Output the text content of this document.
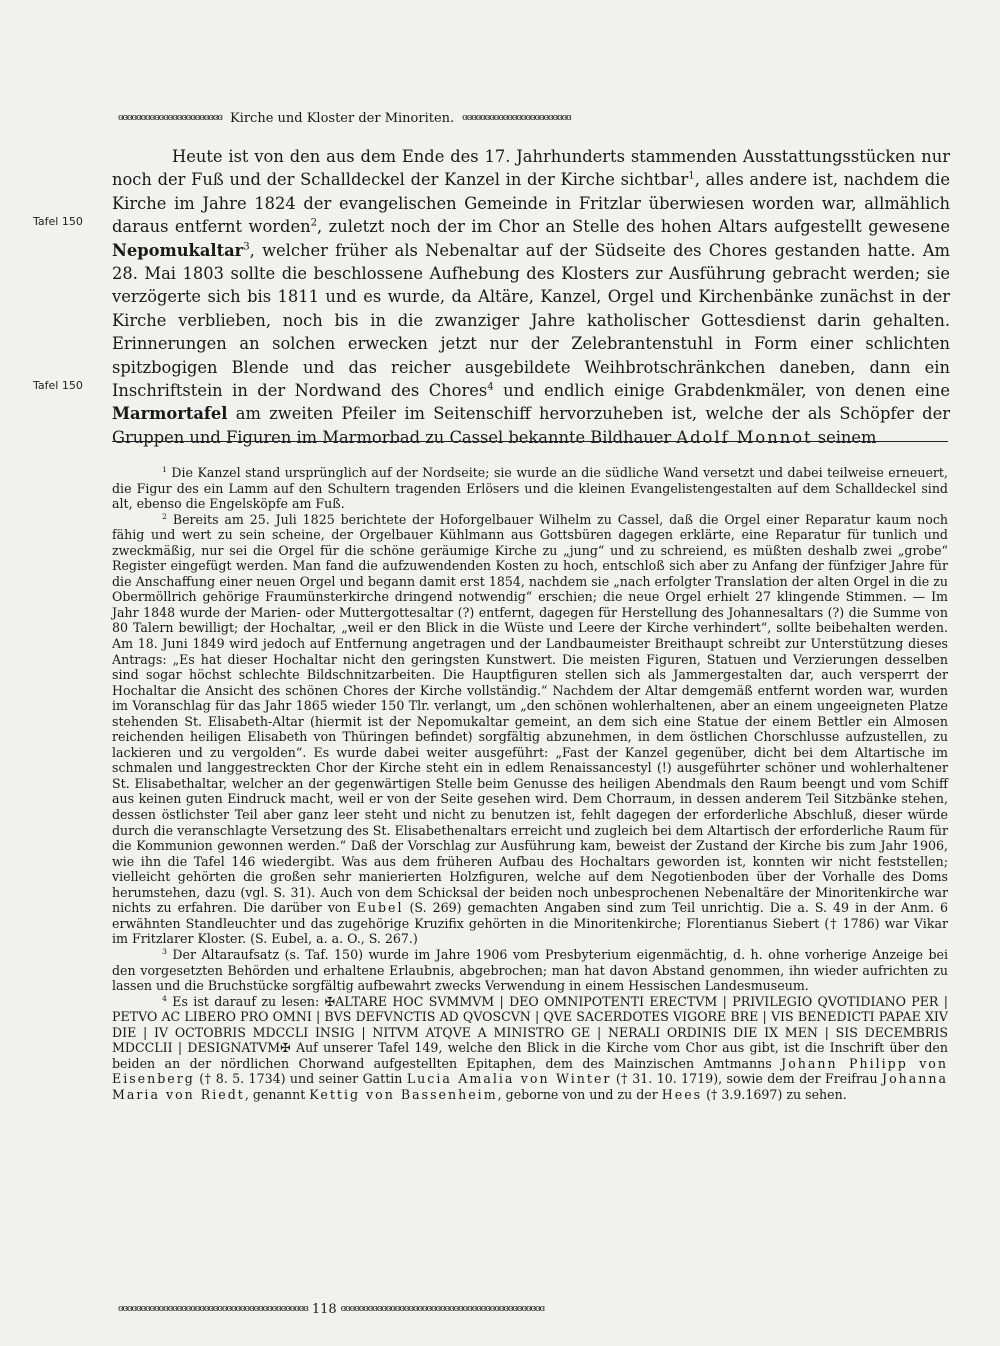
ɞɞɞɞɞɞɞɞɞɞɞɞɞɞɞɞɞɞɞɞɞɞɞ Kirche und Kloster der Minoriten. ɞɞɞɞɞɞɞɞɞɞɞɞɞɞɞɞɞɞɞɞɞɞɞɞ
Tafel 150
Tafel 150

Heute ist von den aus dem Ende des 17. Jahrhunderts stammenden Ausstattungsstücken nur noch der Fuß und der Schalldeckel der Kanzel in der Kirche sichtbar$^1$, alles andere ist, nachdem die Kirche im Jahre 1824 der evangelischen Gemeinde in Fritzlar überwiesen worden war, allmählich daraus entfernt worden$^2$, zuletzt noch der im Chor an Stelle des hohen Altars aufgestellt gewesene Nepomukaltar$^3$, welcher früher als Nebenaltar auf der Südseite des Chores gestanden hatte. Am 28. Mai 1803 sollte die beschlossene Aufhebung des Klosters zur Ausführung gebracht werden; sie verzögerte sich bis 1811 und es wurde, da Altäre, Kanzel, Orgel und Kirchenbänke zunächst in der Kirche verblieben, noch bis in die zwanziger Jahre katholischer Gottesdienst darin gehalten. Erinnerungen an solchen erwecken jetzt nur der Zelebrantenstuhl in Form einer schlichten spitzbogigen Blende und das reicher ausgebildete Weihbrotschränkchen daneben, dann ein Inschriftstein in der Nordwand des Chores$^4$ und endlich einige Grabdenkmäler, von denen eine Marmortafel am zweiten Pfeiler im Seitenschiff hervorzuheben ist, welche der als Schöpfer der Gruppen und Figuren im Marmorbad zu Cassel bekannte Bildhauer Adolf Monnot seinem

$^1$ Die Kanzel stand ursprünglich auf der Nordseite; sie wurde an die südliche Wand versetzt und dabei teilweise erneuert, die Figur des ein Lamm auf den Schultern tragenden Erlösers und die kleinen Evangelistengestalten auf dem Schalldeckel sind alt, ebenso die Engelsköpfe am Fuß.

$^2$ Bereits am 25. Juli 1825 berichtete der Hoforgelbauer Wilhelm zu Cassel, daß die Orgel einer Reparatur kaum noch fähig und wert zu sein scheine, der Orgelbauer Kühlmann aus Gottsbüren dagegen erklärte, eine Reparatur für tunlich und zweckmäßig, nur sei die Orgel für die schöne geräumige Kirche zu „jung“ und zu schreiend, es müßten deshalb zwei „grobe“ Register eingefügt werden. Man fand die aufzuwendenden Kosten zu hoch, entschloß sich aber zu Anfang der fünfziger Jahre für die Anschaffung einer neuen Orgel und begann damit erst 1854, nachdem sie „nach erfolgter Translation der alten Orgel in die zu Obermöllrich gehörige Fraumünsterkirche dringend notwendig“ erschien; die neue Orgel erhielt 27 klingende Stimmen. — Im Jahr 1848 wurde der Marien- oder Muttergottesaltar (?) entfernt, dagegen für Herstellung des Johannesaltars (?) die Summe von 80 Talern bewilligt; der Hochaltar, „weil er den Blick in die Wüste und Leere der Kirche verhindert“, sollte beibehalten werden. Am 18. Juni 1849 wird jedoch auf Entfernung angetragen und der Landbaumeister Breithaupt schreibt zur Unterstützung dieses Antrags: „Es hat dieser Hochaltar nicht den geringsten Kunstwert. Die meisten Figuren, Statuen und Verzierungen desselben sind sogar höchst schlechte Bildschnitzarbeiten. Die Hauptfiguren stellen sich als Jammergestalten dar, auch versperrt der Hochaltar die Ansicht des schönen Chores der Kirche vollständig.“ Nachdem der Altar demgemäß entfernt worden war, wurden im Voranschlag für das Jahr 1865 wieder 150 Tlr. verlangt, um „den schönen wohlerhaltenen, aber an einem ungeeigneten Platze stehenden St. Elisabeth-Altar (hiermit ist der Nepomukaltar gemeint, an dem sich eine Statue der einem Bettler ein Almosen reichenden heiligen Elisabeth von Thüringen befindet) sorgfältig abzunehmen, in dem östlichen Chorschlusse aufzustellen, zu lackieren und zu vergolden“. Es wurde dabei weiter ausgeführt: „Fast der Kanzel gegenüber, dicht bei dem Altartische im schmalen und langgestreckten Chor der Kirche steht ein in edlem Renaissancestyl (!) ausgeführter schöner und wohlerhaltener St. Elisabethaltar, welcher an der gegenwärtigen Stelle beim Genusse des heiligen Abendmals den Raum beengt und vom Schiff aus keinen guten Eindruck macht, weil er von der Seite gesehen wird. Dem Chorraum, in dessen anderem Teil Sitzbänke stehen, dessen östlichster Teil aber ganz leer steht und nicht zu benutzen ist, fehlt dagegen der erforderliche Abschluß, dieser würde durch die veranschlagte Versetzung des St. Elisabethenaltars erreicht und zugleich bei dem Altartisch der erforderliche Raum für die Kommunion gewonnen werden.“ Daß der Vorschlag zur Ausführung kam, beweist der Zustand der Kirche bis zum Jahr 1906, wie ihn die Tafel 146 wiedergibt. Was aus dem früheren Aufbau des Hochaltars geworden ist, konnten wir nicht feststellen; vielleicht gehörten die großen sehr manierierten Holzfiguren, welche auf dem Negotienboden über der Vorhalle des Doms herumstehen, dazu (vgl. S. 31). Auch von dem Schicksal der beiden noch unbesprochenen Nebenaltäre der Minoritenkirche war nichts zu erfahren. Die darüber von Eubel (S. 269) gemachten Angaben sind zum Teil unrichtig. Die a. S. 49 in der Anm. 6 erwähnten Standleuchter und das zugehörige Kruzifix gehörten in die Minoritenkirche; Florentianus Siebert († 1786) war Vikar im Fritzlarer Kloster. (S. Eubel, a. a. O., S. 267.)

$^3$ Der Altaraufsatz (s. Taf. 150) wurde im Jahre 1906 vom Presbyterium eigenmächtig, d. h. ohne vorherige Anzeige bei den vorgesetzten Behörden und erhaltene Erlaubnis, abgebrochen; man hat davon Abstand genommen, ihn wieder aufrichten zu lassen und die Bruchstücke sorgfältig aufbewahrt zwecks Verwendung in einem Hessischen Landesmuseum.

$^4$ Es ist darauf zu lesen: ✠ALTARE HOC SVMMVM | DEO OMNIPOTENTI ERECTVM | PRIVILEGIO QVOTIDIANO PER | PETVO AC LIBERO PRO OMNI | BVS DEFVNCTIS AD QVOSCVN | QVE SACERDOTES VIGORE BRE | VIS BENEDICTI PAPAE XIV DIE | IV OCTOBRIS MDCCLI INSIG | NITVM ATQVE A MINISTRO GE | NERALI ORDINIS DIE IX MEN | SIS DECEMBRIS MDCCLII | DESIGNATVM✠ Auf unserer Tafel 149, welche den Blick in die Kirche vom Chor aus gibt, ist die Inschrift über den beiden an der nördlichen Chorwand aufgestellten Epitaphen, dem des Mainzischen Amtmanns Johann Philipp von Eisenberg († 8. 5. 1734) und seiner Gattin Lucia Amalia von Winter († 31. 10. 1719), sowie dem der Freifrau Johanna Maria von Riedt, genannt Kettig von Bassenheim, geborne von und zu der Hees († 3.9.1697) zu sehen.

ɞɞɞɞɞɞɞɞɞɞɞɞɞɞɞɞɞɞɞɞɞɞɞɞɞɞɞɞɞɞɞɞɞɞɞɞɞɞɞɞɞɞ 118 ɞɞɞɞɞɞɞɞɞɞɞɞɞɞɞɞɞɞɞɞɞɞɞɞɞɞɞɞɞɞɞɞɞɞɞɞɞɞɞɞɞɞɞɞɞ
